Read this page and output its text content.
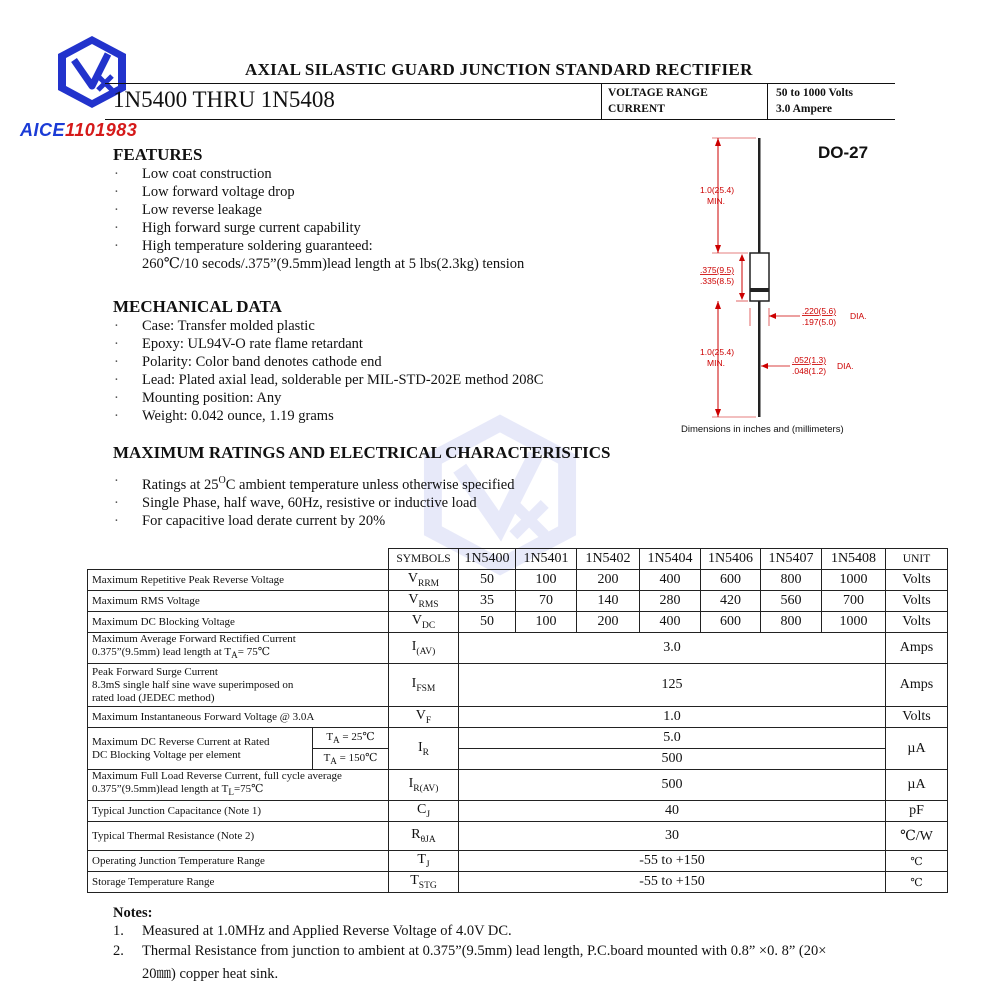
AICE1101983
AXIAL SILASTIC GUARD JUNCTION STANDARD RECTIFIER
1N5400 THRU 1N5408	VOLTAGE RANGE	50 to 1000 Volts
CURRENT	3.0 Ampere
FEATURES
· Low coat construction
· Low forward voltage drop
· Low reverse leakage
· High forward surge current capability
· High temperature soldering guaranteed:
260℃/10 secods/.375”(9.5mm)lead length at 5 lbs(2.3kg) tension
MECHANICAL DATA
· Case: Transfer molded plastic
· Epoxy: UL94V-O rate flame retardant
· Polarity: Color band denotes cathode end
· Lead: Plated axial lead, solderable per MIL-STD-202E method 208C
· Mounting position: Any
· Weight: 0.042 ounce, 1.19 grams
DO-27
1.0(25.4)
MIN.
.375(9.5)
.335(8.5)
.220(5.6)
.197(5.0)
DIA.
1.0(25.4)
MIN.	.052(1.3)
.048(1.2) DIA.
Dimensions in inches and (millimeters)
MAXIMUM RATINGS AND ELECTRICAL CHARACTERISTICS
· Ratings at $25^OC$ ambient temperature unless otherwise specified
· Single Phase, half wave, 60Hz, resistive or inductive load
· For capacitive load derate current by 20%
		SYMBOLS	1N5400	1N5401	1N5402	1N5404	1N5406	1N5407	1N5408	UNIT
Maximum Repetitive Peak Reverse Voltage		$V_{RRM}$	50	100	200	400	600	800	1000	Volts
Maximum RMS Voltage		$V_{RMS}$	35	70	140	280	420	560	700	Volts
Maximum DC Blocking Voltage		$V_{DC}$	50	100	200	400	600	800	1000	Volts

Maximum Average Forward Rectified Current
0.375”(9.5mm) lead length at $T_A=$ 75℃		$I_{(AV)}$	3.0							Amps

Peak Forward Surge Current
8.3mS single half sine wave superimposed on
rated load (JEDEC method)		$I_{FSM}$	125							Amps
Maximum Instantaneous Forward Voltage @ 3.0A		$V_F$	1.0							Volts

Maximum DC Reverse Current at Rated
DC Blocking Voltage per element	$T_A$ = 25℃	$I_R$	5.0							µA
	$T_A$ = 150℃		500							

Maximum Full Load Reverse Current, full cycle average
0.375”(9.5mm)lead length at $T_L=75℃$		$I_{R(AV)}$	500							µA
Typical Junction Capacitance (Note 1)		$C_J$	40							pF
Typical Thermal Resistance (Note 2)		$R_{\theta JA}$	30							℃/W
Operating Junction Temperature Range		$T_J$	-55 to +150							℃
Storage Temperature Range		$T_{STG}$	-55 to +150							℃
Notes:
1. Measured at 1.0MHz and Applied Reverse Voltage of 4.0V DC.
2. Thermal Resistance from junction to ambient at 0.375”(9.5mm) lead length, P.C.board mounted with 0.8” ×0. 8” (20×
20㎜) copper heat sink.
